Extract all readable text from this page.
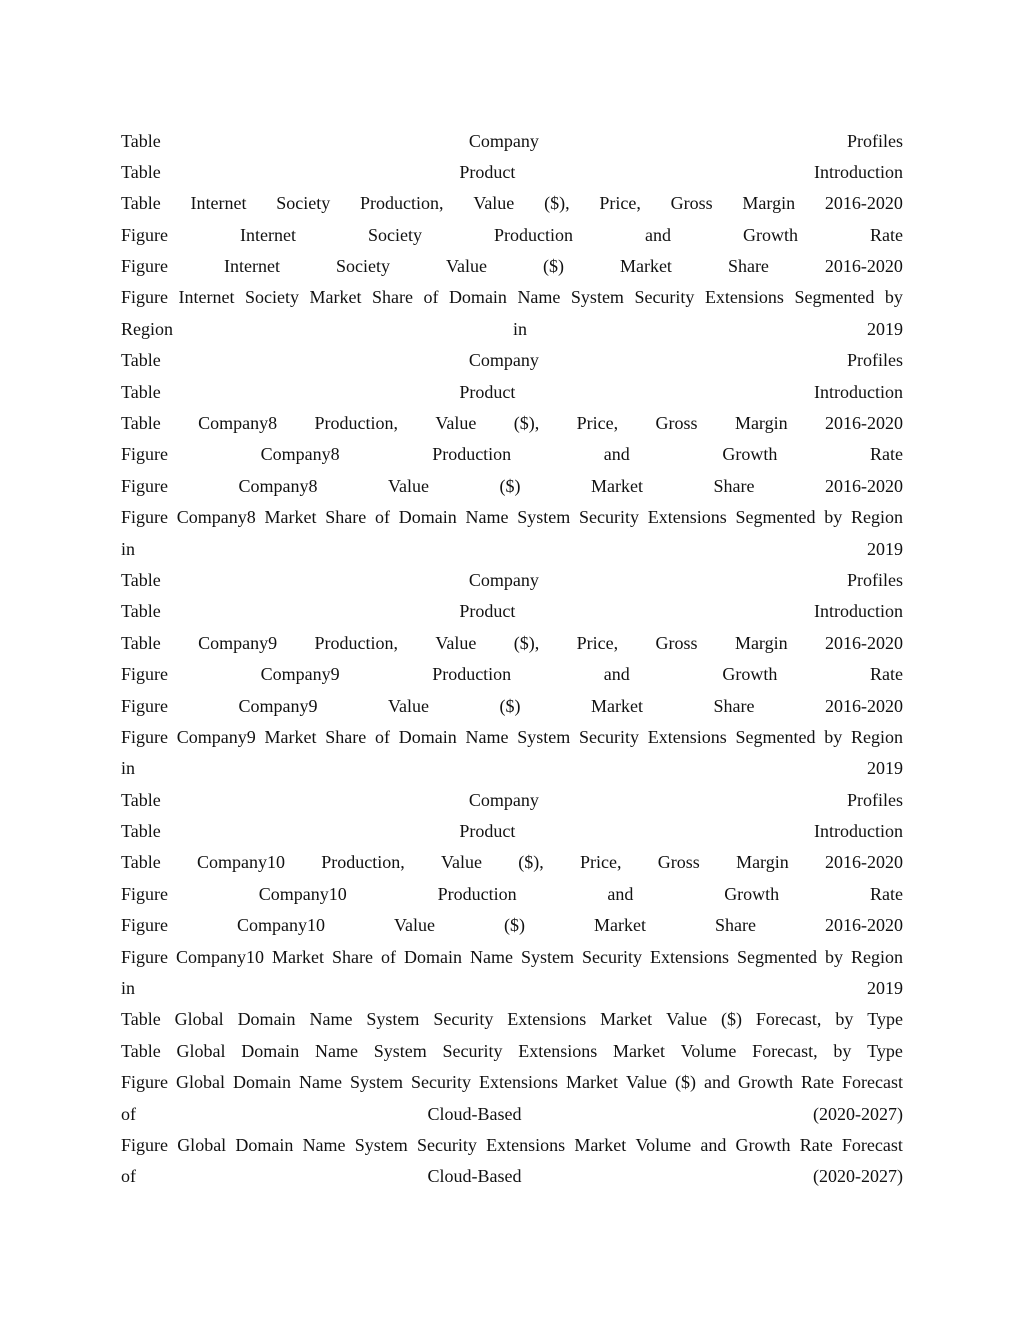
Table	Company	Profiles
Table	Product	Introduction
Table Internet Society Production, Value ($), Price, Gross Margin 2016-2020
Figure	Internet	Society	Production	and	Growth	Rate
Figure	Internet	Society	Value	($)	Market	Share	2016-2020
Figure Internet Society Market Share of Domain Name System Security Extensions Segmented by
Region	in	2019
Table	Company	Profiles
Table	Product	Introduction
Table Company8 Production, Value ($), Price, Gross Margin 2016-2020
Figure	Company8	Production	and	Growth	Rate
Figure	Company8	Value	($)	Market	Share	2016-2020
Figure Company8 Market Share of Domain Name System Security Extensions Segmented by Region
in	2019
Table	Company	Profiles
Table	Product	Introduction
Table Company9 Production, Value ($), Price, Gross Margin 2016-2020
Figure	Company9	Production	and	Growth	Rate
Figure	Company9	Value	($)	Market	Share	2016-2020
Figure Company9 Market Share of Domain Name System Security Extensions Segmented by Region
in	2019
Table	Company	Profiles
Table	Product	Introduction
Table Company10 Production, Value ($), Price, Gross Margin 2016-2020
Figure	Company10	Production	and	Growth	Rate
Figure	Company10	Value	($)	Market	Share	2016-2020
Figure Company10 Market Share of Domain Name System Security Extensions Segmented by Region
in	2019
Table Global Domain Name System Security Extensions Market Value ($) Forecast, by Type
Table Global Domain Name System Security Extensions Market Volume Forecast, by Type
Figure Global Domain Name System Security Extensions Market Value ($) and Growth Rate Forecast
of	Cloud-Based	(2020-2027)
Figure Global Domain Name System Security Extensions Market Volume and Growth Rate Forecast
of	Cloud-Based	(2020-2027)
